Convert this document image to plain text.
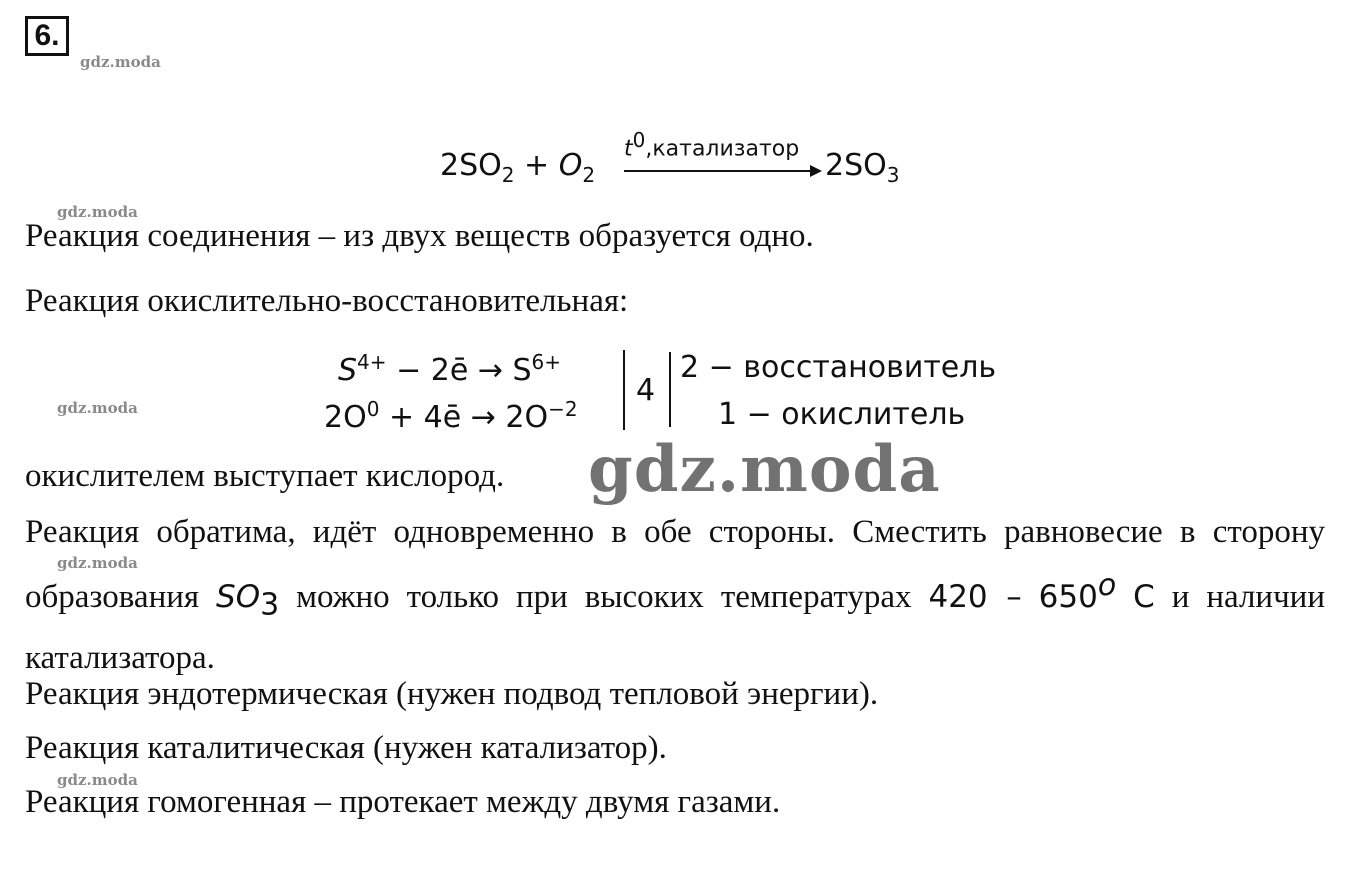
6.
gdz.moda
gdz.moda
gdz.moda
gdz.moda
gdz.moda
$2SO_2 + O_2$
$t^0,катализатор$ $2SO_3$
Реакция соединения – из двух веществ образуется одно.
Реакция окислительно-восстановительная:
$S^{4+}$ − 2ē → $S^{6+}$
$2O^0$ + 4ē → $2O^{-2}$
4
2 − восстановитель
1 − окислитель
окислителем выступает кислород. gdz.moda
Реакция обратима, идёт одновременно в обе стороны. Сместить равновесие в сторону образования $SO_3$ можно только при высоких температурах 420 – 650$^o$ C и наличии катализатора.
Реакция эндотермическая (нужен подвод тепловой энергии).
Реакция каталитическая (нужен катализатор).
Реакция гомогенная – протекает между двумя газами.
